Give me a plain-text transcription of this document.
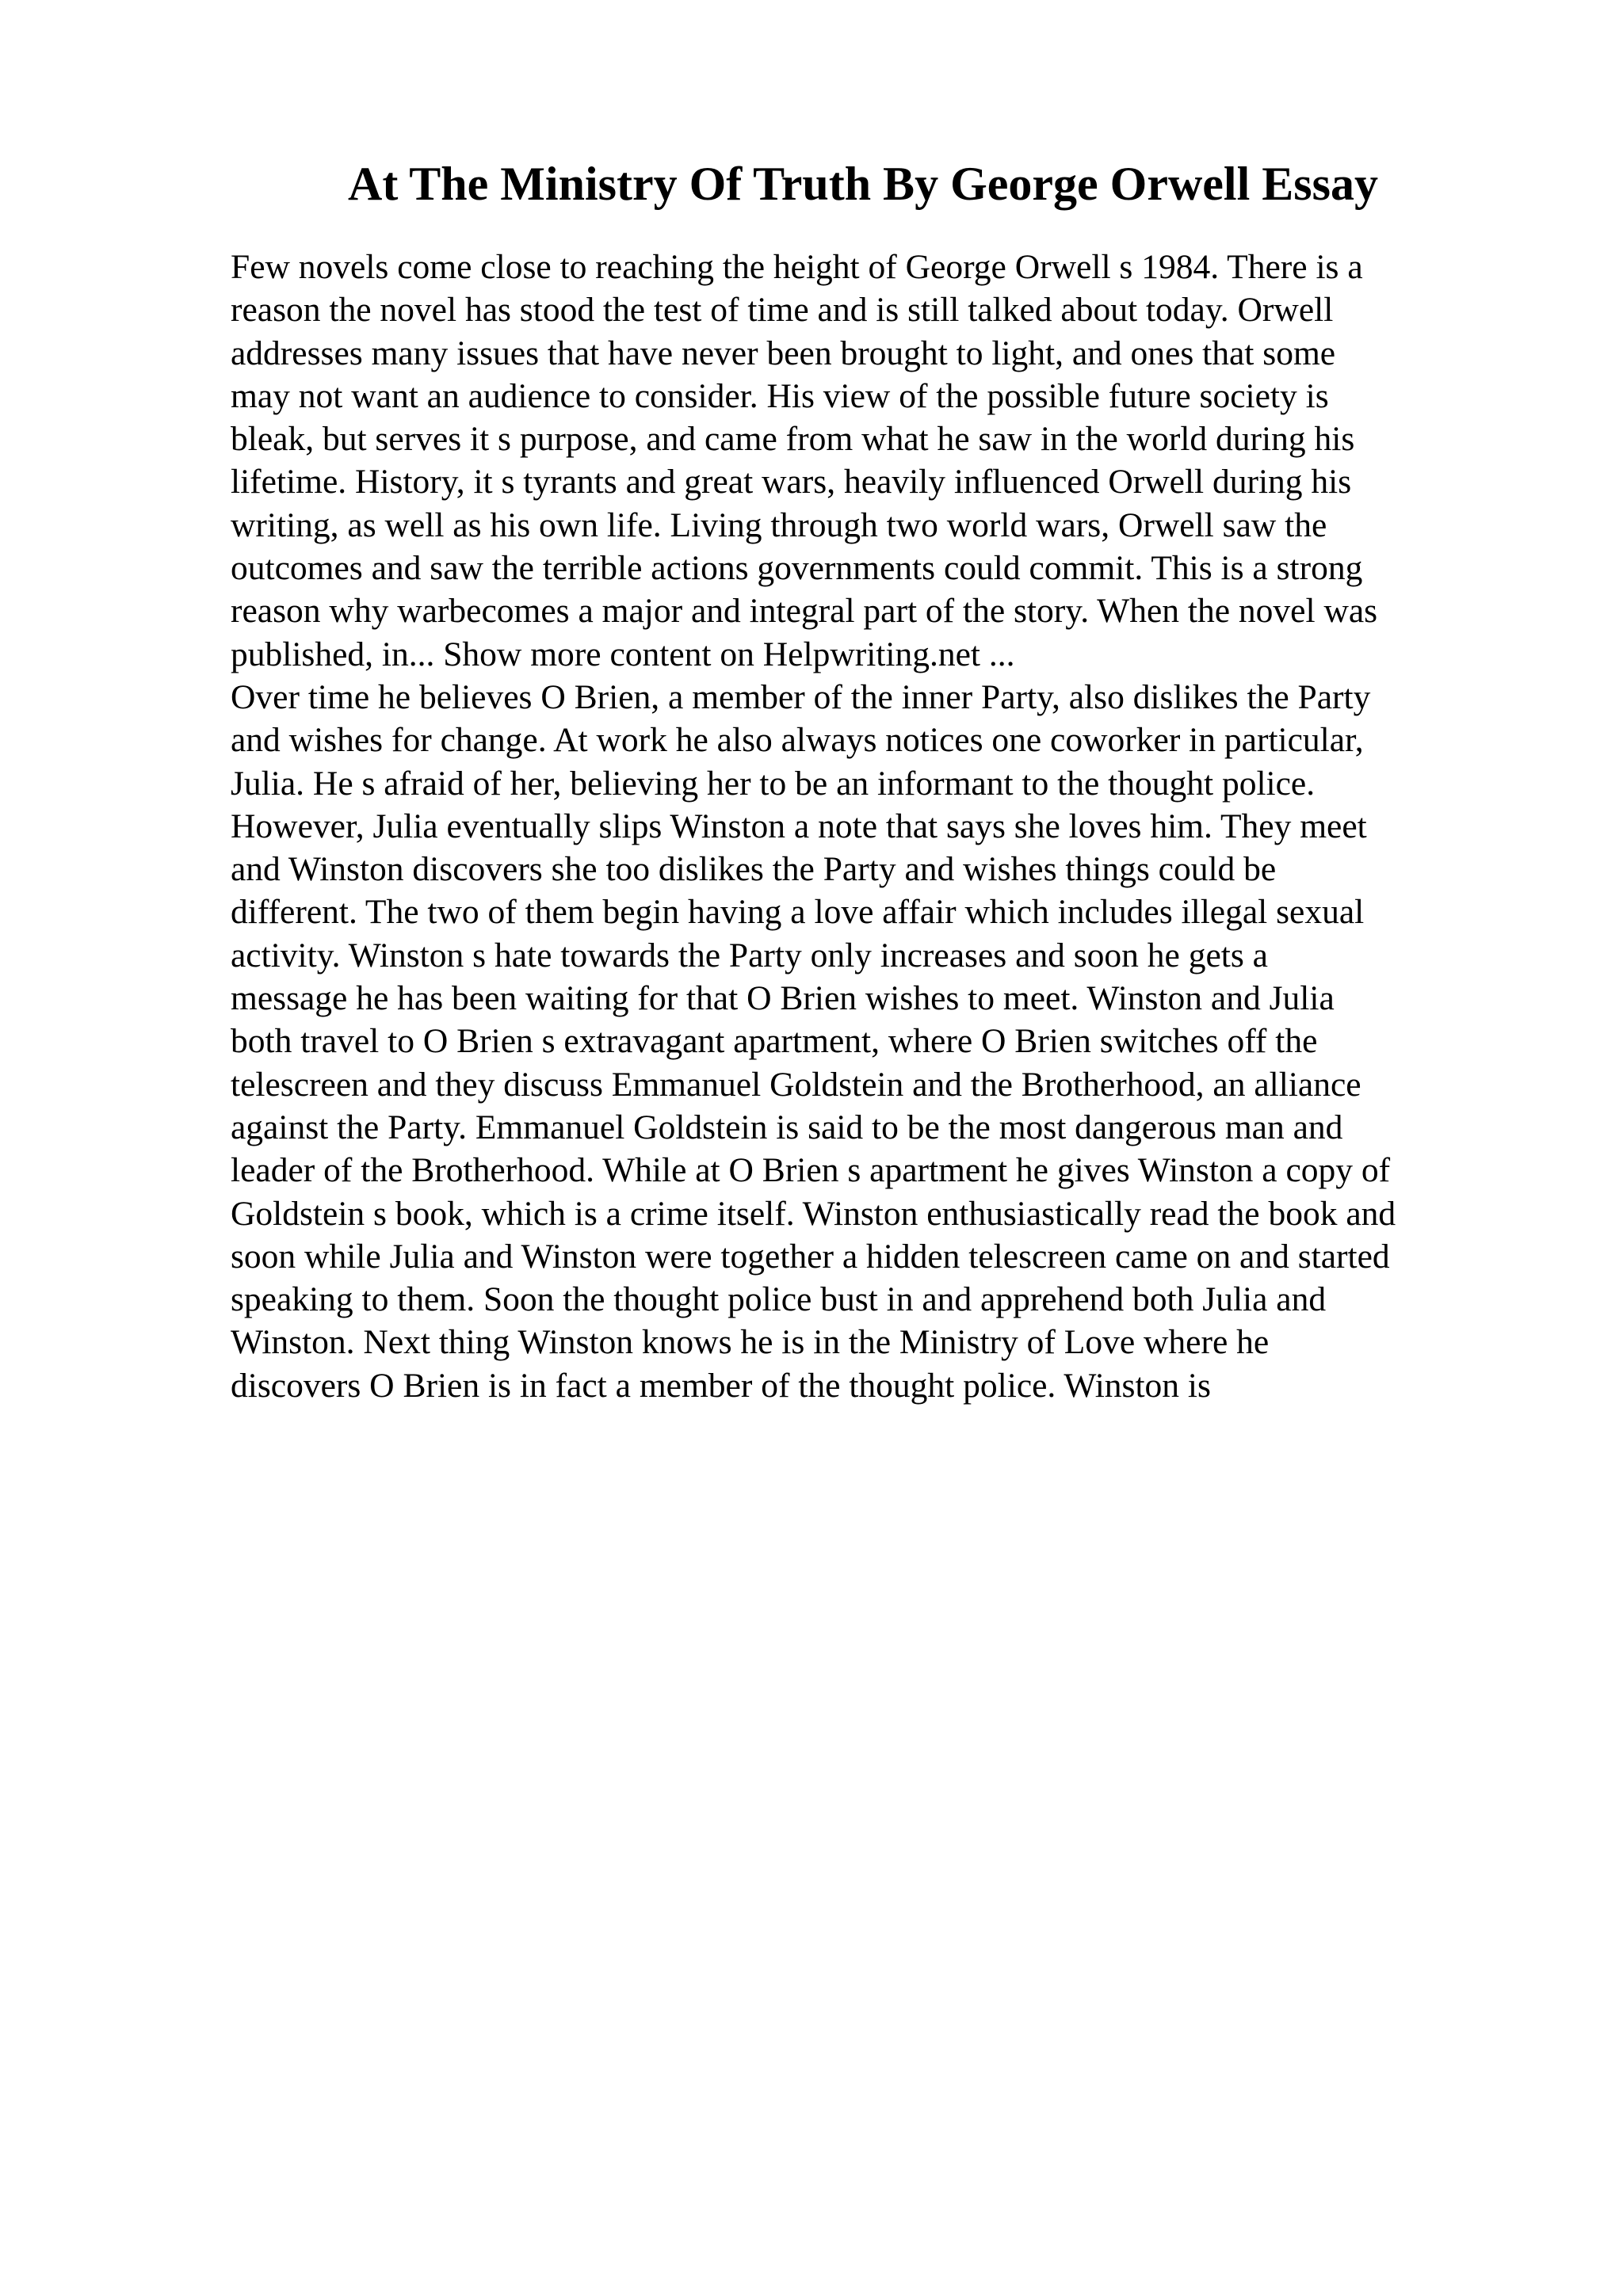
At The Ministry Of Truth By George Orwell Essay
Few novels come close to reaching the height of George Orwell s 1984. There is a
reason the novel has stood the test of time and is still talked about today. Orwell
addresses many issues that have never been brought to light, and ones that some
may not want an audience to consider. His view of the possible future society is
bleak, but serves it s purpose, and came from what he saw in the world during his
lifetime. History, it s tyrants and great wars, heavily influenced Orwell during his
writing, as well as his own life. Living through two world wars, Orwell saw the
outcomes and saw the terrible actions governments could commit. This is a strong
reason why warbecomes a major and integral part of the story. When the novel was
published, in... Show more content on Helpwriting.net ...
Over time he believes O Brien, a member of the inner Party, also dislikes the Party
and wishes for change. At work he also always notices one coworker in particular,
Julia. He s afraid of her, believing her to be an informant to the thought police.
However, Julia eventually slips Winston a note that says she loves him. They meet
and Winston discovers she too dislikes the Party and wishes things could be
different. The two of them begin having a love affair which includes illegal sexual
activity. Winston s hate towards the Party only increases and soon he gets a
message he has been waiting for that O Brien wishes to meet. Winston and Julia
both travel to O Brien s extravagant apartment, where O Brien switches off the
telescreen and they discuss Emmanuel Goldstein and the Brotherhood, an alliance
against the Party. Emmanuel Goldstein is said to be the most dangerous man and
leader of the Brotherhood. While at O Brien s apartment he gives Winston a copy of
Goldstein s book, which is a crime itself. Winston enthusiastically read the book and
soon while Julia and Winston were together a hidden telescreen came on and started
speaking to them. Soon the thought police bust in and apprehend both Julia and
Winston. Next thing Winston knows he is in the Ministry of Love where he
discovers O Brien is in fact a member of the thought police. Winston is
